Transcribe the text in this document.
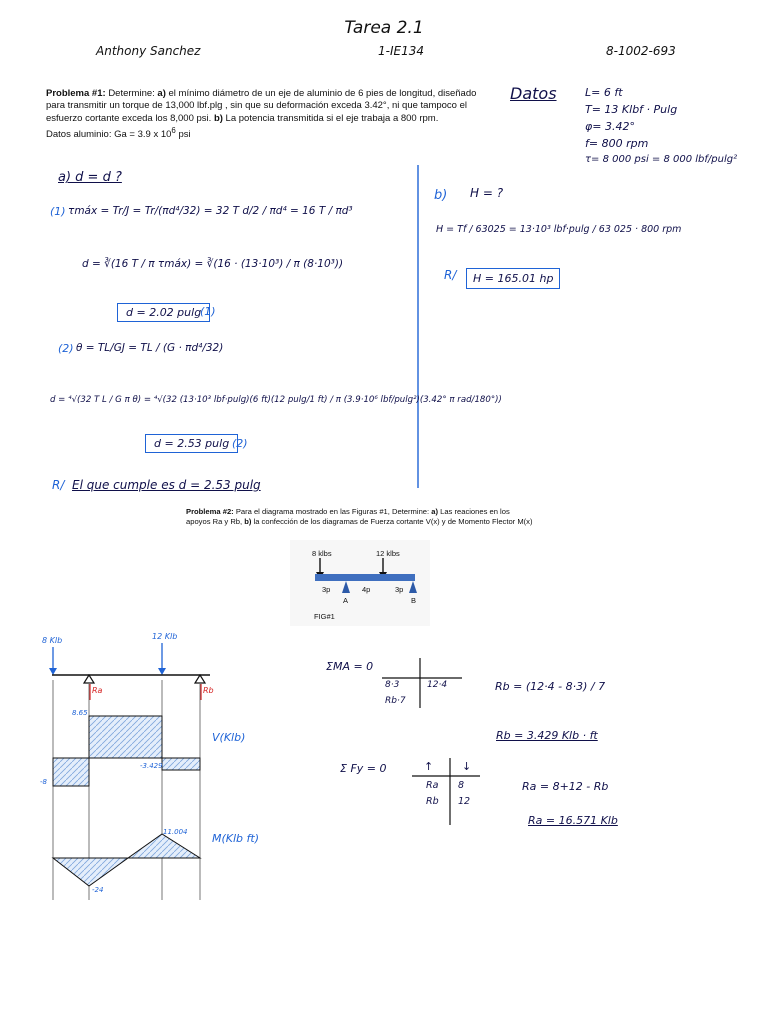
Tarea 2.1
Anthony Sanchez	1-IE134	8-1002-693
Problema #1: Determine: a) el mínimo diámetro de un eje de aluminio de 6 pies de longitud, diseñado para transmitir un torque de 13,000 lbf.plg , sin que su deformación exceda 3.42°, ni que tampoco el esfuerzo cortante exceda los 8,000 psi. b) La potencia transmitida si el eje trabaja a 800 rpm.
Datos aluminio: Ga = 3.9 x $10^6$ psi
Datos	L= 6 ft
T= 13 Klbf · Pulg
φ= 3.42°
f= 800 rpm
τ= 8 000 psi = 8 000 lbf/pulg²
a) d = d ?
(1) τmáx = Tr/J = Tr/(πd⁴/32) = 32 T d/2 / πd⁴ = 16 T / πd³
d = ∛(16 T / π τmáx) = ∛(16 · (13·10³) / π (8·10³))
d = 2.02 pulg
(1)
(2) θ = TL/GJ = TL / (G · πd⁴/32)
d = ⁴√(32 T L / G π θ) = ⁴√(32 (13·10³ lbf·pulg)(6 ft)(12 pulg/1 ft) / π (3.9·10⁶ lbf/pulg²)(3.42° π rad/180°))
d = 2.53 pulg (2)
R/ El que cumple es d = 2.53 pulg
b) H = ?
H = Tf / 63025 = 13·10³ lbf·pulg / 63 025 · 800 rpm
R/	H = 165.01 hp
Problema #2: Para el diagrama mostrado en las Figuras #1, Determine: a) Las reaciones en los apoyos Ra y Rb, b) la confección de los diagramas de Fuerza cortante V(x) y de Momento Flector M(x)
8 klbs	12 klbs
3p	4p	3p
A	B
FIG#1
8 Klb	12 Klb
Ra	Rb
8.65
V(Klb)
-3.429
-8
11.004 M(Klb ft)
-24
ΣMA = 0
8·3	12·4
Rb·7
Rb = (12·4 - 8·3) / 7
Rb = 3.429 Klb · ft
Σ Fy = 0	↑	↓
Ra 8
Rb 12
Ra = 8+12 - Rb
Ra = 16.571 Klb
